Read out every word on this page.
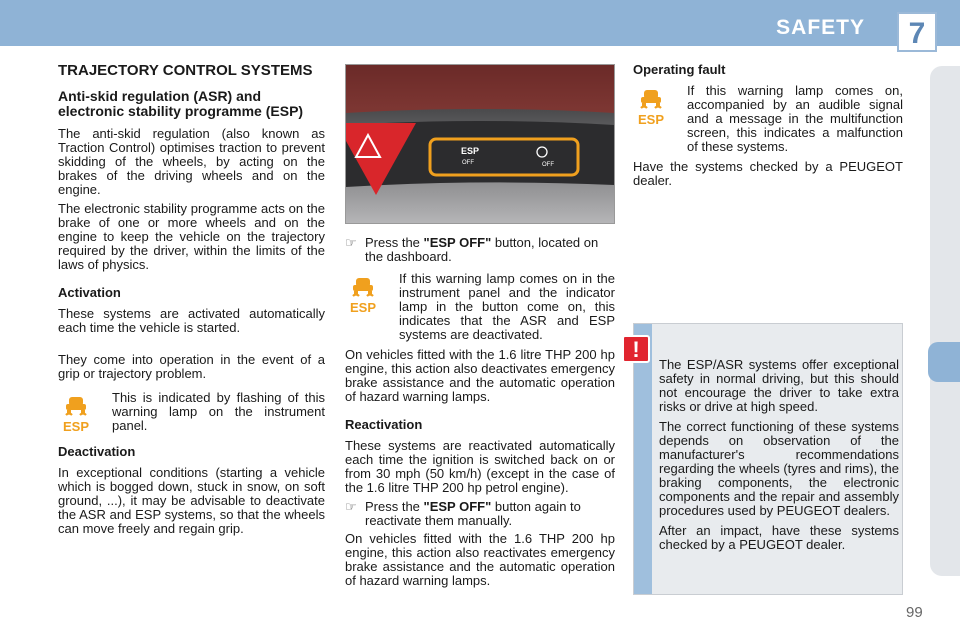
SAFETY	7
TRAJECTORY CONTROL SYSTEMS
Anti-skid regulation (ASR) and electronic stability programme (ESP)

The anti-skid regulation (also known as Traction Control) optimises traction to prevent skidding of the wheels, by acting on the brakes of the driving wheels and on the engine.

The electronic stability programme acts on the brake of one or more wheels and on the engine to keep the vehicle on the trajectory required by the driver, within the limits of the laws of physics.

Activation

These systems are activated automatically each time the vehicle is started.

They come into operation in the event of a grip or trajectory problem.

ESP
This is indicated by flashing of this warning lamp on the instrument panel.
Deactivation

In exceptional conditions (starting a vehicle which is bogged down, stuck in snow, on soft ground, ...), it may be advisable to deactivate the ASR and ESP systems, so that the wheels can move freely and regain grip.

ESP
OFF	OFF
☞ Press the "ESP OFF" button, located on the dashboard.
ESP
If this warning lamp comes on in the instrument panel and the indicator lamp in the button come on, this indicates that the ASR and ESP systems are deactivated.

On vehicles fitted with the 1.6 litre THP 200 hp engine, this action also deactivates emergency brake assistance and the automatic operation of hazard warning lamps.

Reactivation

These systems are reactivated automatically each time the ignition is switched back on or from 30 mph (50 km/h) (except in the case of the 1.6 litre THP 200 hp petrol engine).

☞ Press the "ESP OFF" button again to reactivate them manually.

On vehicles fitted with the 1.6 THP 200 hp engine, this action also reactivates emergency brake assistance and the automatic operation of hazard warning lamps.

Operating fault
ESP
If this warning lamp comes on, accompanied by an audible signal and a message in the multifunction screen, this indicates a malfunction of these systems.

Have the systems checked by a PEUGEOT dealer.

The ESP/ASR systems offer exceptional safety in normal driving, but this should not encourage the driver to take extra risks or drive at high speed.

The correct functioning of these systems depends on observation of the manufacturer's recommendations regarding the wheels (tyres and rims), the braking components, the electronic components and the repair and assembly procedures used by PEUGEOT dealers.

After an impact, have these systems checked by a PEUGEOT dealer.

!
99
